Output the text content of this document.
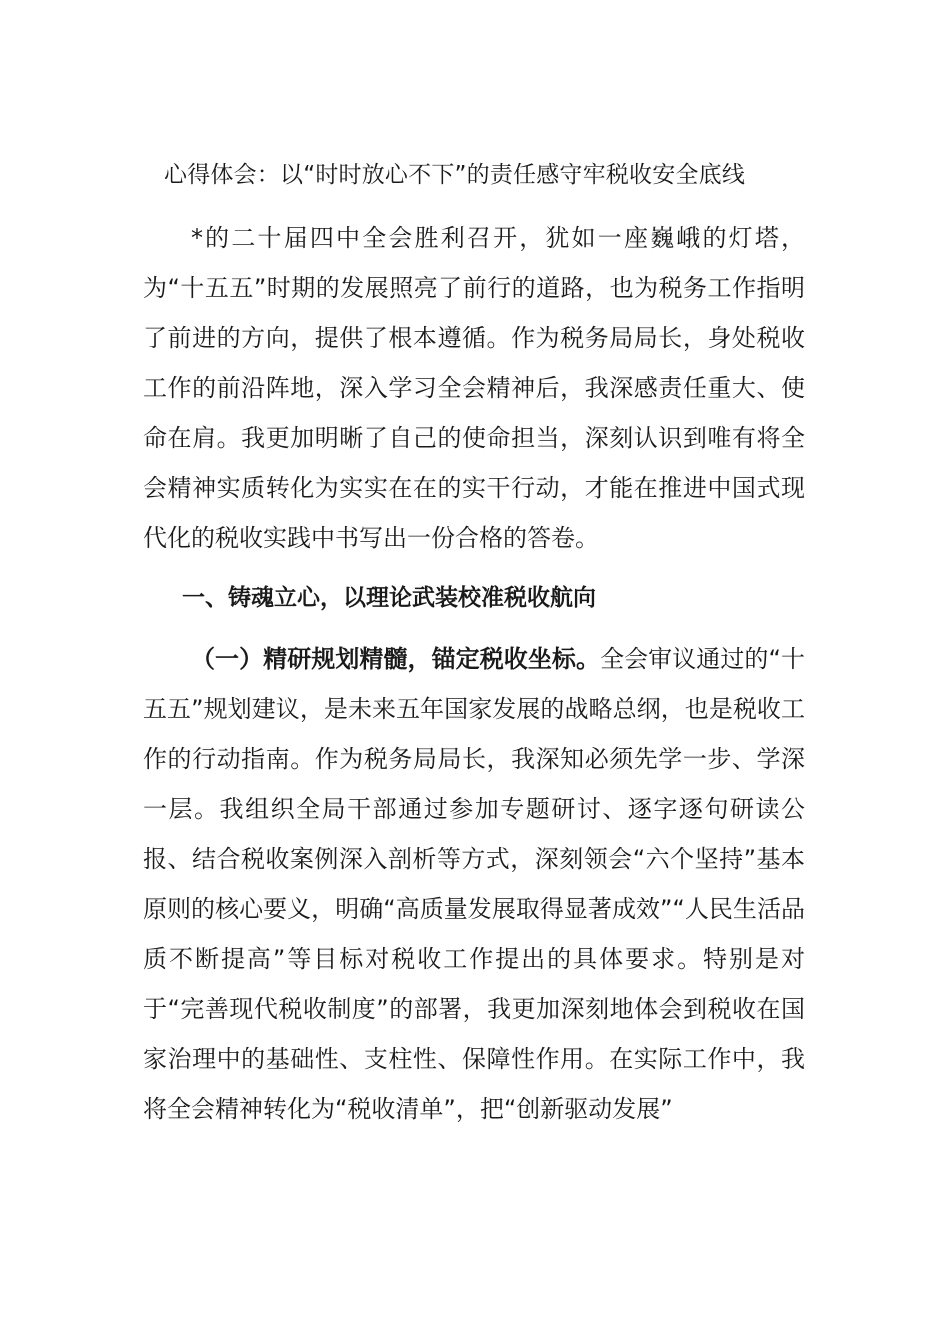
心得体会：以“时时放心不下”的责任感守牢税收安全底线

*的二十届四中全会胜利召开，犹如一座巍峨的灯塔，为“十五五”时期的发展照亮了前行的道路，也为税务工作指明了前进的方向，提供了根本遵循。作为税务局局长，身处税收工作的前沿阵地，深入学习全会精神后，我深感责任重大、使命在肩。我更加明晰了自己的使命担当，深刻认识到唯有将全会精神实质转化为实实在在的实干行动，才能在推进中国式现代化的税收实践中书写出一份合格的答卷。

一、铸魂立心，以理论武装校准税收航向

（一）精研规划精髓，锚定税收坐标。全会审议通过的“十五五”规划建议，是未来五年国家发展的战略总纲，也是税收工作的行动指南。作为税务局局长，我深知必须先学一步、学深一层。我组织全局干部通过参加专题研讨、逐字逐句研读公报、结合税收案例深入剖析等方式，深刻领会“六个坚持”基本原则的核心要义，明确“高质量发展取得显著成效”“人民生活品质不断提高”等目标对税收工作提出的具体要求。特别是对于“完善现代税收制度”的部署，我更加深刻地体会到税收在国家治理中的基础性、支柱性、保障性作用。在实际工作中，我将全会精神转化为“税收清单”，把“创新驱动发展”
